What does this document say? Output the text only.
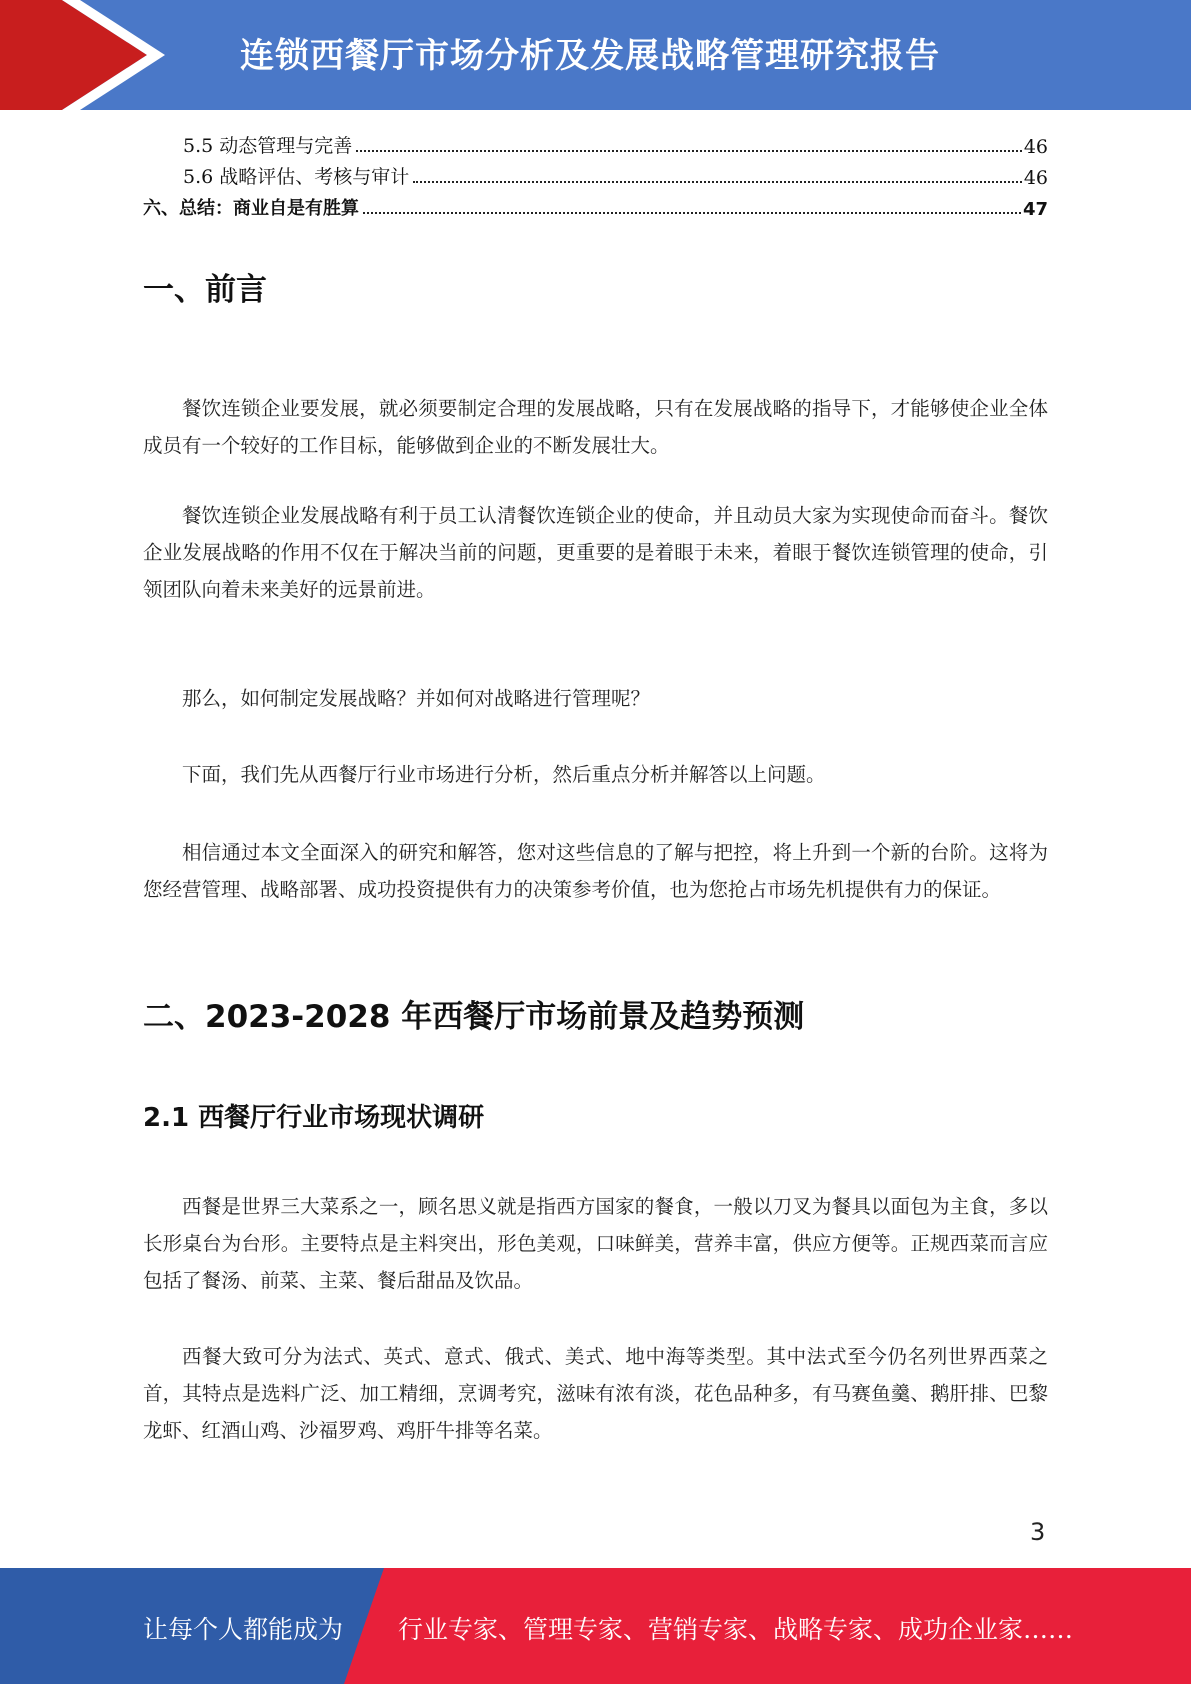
连锁西餐厅市场分析及发展战略管理研究报告
5.5 动态管理与完善	46
5.6 战略评估、考核与审计	46
六、总结：商业自是有胜算	47
一、前言
餐饮连锁企业要发展，就必须要制定合理的发展战略，只有在发展战略的指导下，才能够使企业全体成员有一个较好的工作目标，能够做到企业的不断发展壮大。
餐饮连锁企业发展战略有利于员工认清餐饮连锁企业的使命，并且动员大家为实现使命而奋斗。餐饮企业发展战略的作用不仅在于解决当前的问题，更重要的是着眼于未来，着眼于餐饮连锁管理的使命，引领团队向着未来美好的远景前进。
那么，如何制定发展战略？并如何对战略进行管理呢？
下面，我们先从西餐厅行业市场进行分析，然后重点分析并解答以上问题。
相信通过本文全面深入的研究和解答，您对这些信息的了解与把控，将上升到一个新的台阶。这将为您经营管理、战略部署、成功投资提供有力的决策参考价值，也为您抢占市场先机提供有力的保证。
二、2023-2028 年西餐厅市场前景及趋势预测
2.1 西餐厅行业市场现状调研
西餐是世界三大菜系之一，顾名思义就是指西方国家的餐食，一般以刀叉为餐具以面包为主食，多以长形桌台为台形。主要特点是主料突出，形色美观，口味鲜美，营养丰富，供应方便等。正规西菜而言应包括了餐汤、前菜、主菜、餐后甜品及饮品。
西餐大致可分为法式、英式、意式、俄式、美式、地中海等类型。其中法式至今仍名列世界西菜之首，其特点是选料广泛、加工精细，烹调考究，滋味有浓有淡，花色品种多，有马赛鱼羹、鹅肝排、巴黎龙虾、红酒山鸡、沙福罗鸡、鸡肝牛排等名菜。
3
让每个人都能成为 行业专家、管理专家、营销专家、战略专家、成功企业家……
